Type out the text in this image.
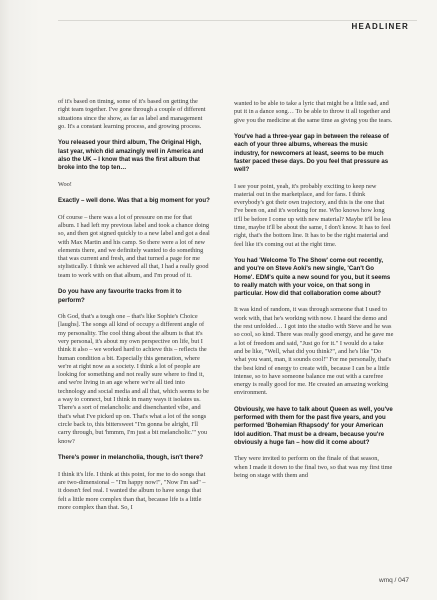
HEADLINER

of it's based on timing, some of it's based on getting the right team together. I've gone through a couple of different situations since the show, as far as label and management go. It's a constant learning process, and growing process.

You released your third album, The Original High, last year, which did amazingly well in America and also the UK – I know that was the first album that broke into the top ten…

Woo!

Exactly – well done. Was that a big moment for you?

Of course – there was a lot of pressure on me for that album. I had left my previous label and took a chance doing so, and then got signed quickly to a new label and got a deal with Max Martin and his camp. So there were a lot of new elements there, and we definitely wanted to do something that was current and fresh, and that turned a page for me stylistically. I think we achieved all that, I had a really good team to work with on that album, and I'm proud of it.

Do you have any favourite tracks from it to perform?

Oh God, that's a tough one – that's like Sophie's Choice [laughs]. The songs all kind of occupy a different angle of my personality. The cool thing about the album is that it's very personal, it's about my own perspective on life, but I think it also – we worked hard to achieve this – reflects the human condition a bit. Especially this generation, where we're at right now as a society. I think a lot of people are looking for something and not really sure where to find it, and we're living in an age where we're all tied into technology and social media and all that, which seems to be a way to connect, but I think in many ways it isolates us. There's a sort of melancholic and disenchanted vibe, and that's what I've picked up on. That's what a lot of the songs circle back to, this bittersweet "I'm gonna be alright, I'll carry through, but 'hmmm, I'm just a bit melancholic.'" you know?

There's power in melancholia, though, isn't there?

I think it's life. I think at this point, for me to do songs that are two-dimensional – "I'm happy now!", "Now I'm sad" – it doesn't feel real. I wanted the album to have songs that felt a little more complex than that, because life is a little more complex than that. So, I

wanted to be able to take a lyric that might be a little sad, and put it in a dance song… To be able to throw it all together and give you the medicine at the same time as giving you the tears.

You've had a three-year gap in between the release of each of your three albums, whereas the music industry, for newcomers at least, seems to be much faster paced these days. Do you feel that pressure as well?

I see your point, yeah, it's probably exciting to keep new material out in the marketplace, and for fans. I think everybody's got their own trajectory, and this is the one that I've been on, and it's working for me. Who knows how long it'll be before I come up with new material? Maybe it'll be less time, maybe it'll be about the same, I don't know. It has to feel right, that's the bottom line. It has to be the right material and feel like it's coming out at the right time.

You had 'Welcome To The Show' come out recently, and you're on Steve Aoki's new single, 'Can't Go Home'. EDM's quite a new sound for you, but it seems to really match with your voice, on that song in particular. How did that collaboration come about?

It was kind of random, it was through someone that I used to work with, that he's working with now. I heard the demo and the rest unfolded… I got into the studio with Steve and he was so cool, so kind. There was really good energy, and he gave me a lot of freedom and said, "Just go for it." I would do a take and be like, "Well, what did you think?", and he's like "Do what you want, man, it sounds cool!" For me personally, that's the best kind of energy to create with, because I can be a little intense, so to have someone balance me out with a carefree energy is really good for me. He created an amazing working environment.

Obviously, we have to talk about Queen as well, you've performed with them for the past five years, and you performed 'Bohemian Rhapsody' for your American Idol audition. That must be a dream, because you're obviously a huge fan – how did it come about?

They were invited to perform on the finale of that season, when I made it down to the final two, so that was my first time being on stage with them and

wmq / 047
